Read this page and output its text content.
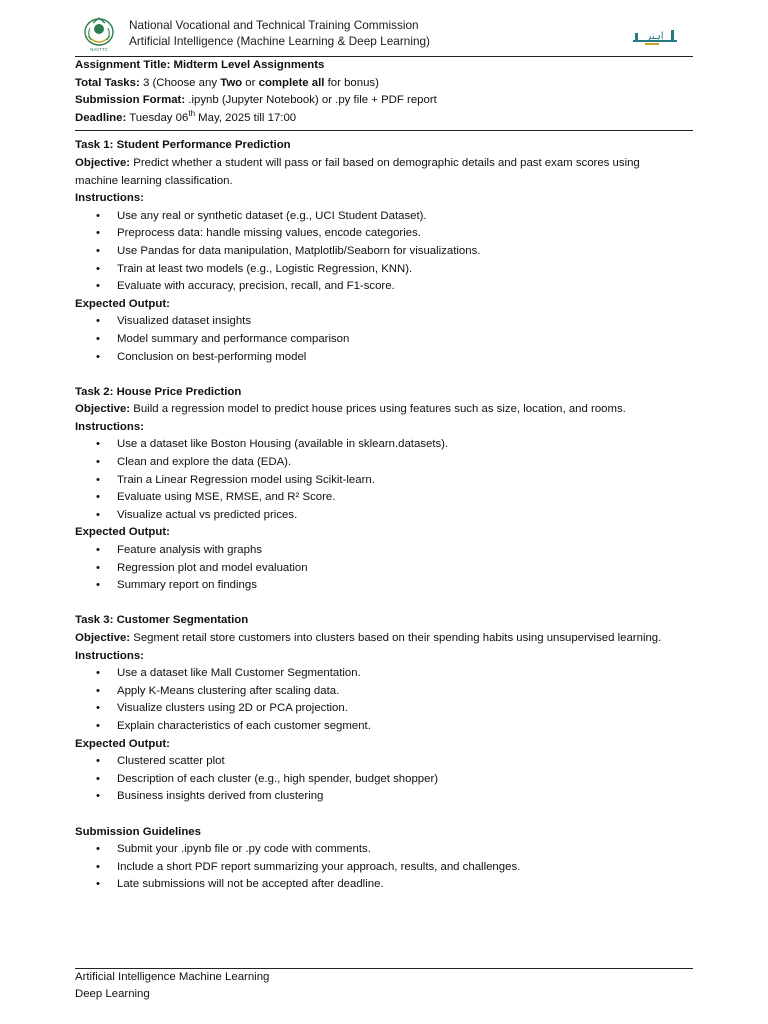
NAVTTC
National Vocational and Technical Training Commission
Artificial Intelligence (Machine Learning & Deep Learning)	اہنر
Assignment Title: Midterm Level Assignments
Total Tasks: 3 (Choose any Two or complete all for bonus)
Submission Format: .ipynb (Jupyter Notebook) or .py file + PDF report
Deadline: Tuesday 06th May, 2025 till 17:00
Task 1: Student Performance Prediction
Objective: Predict whether a student will pass or fail based on demographic details and past exam scores using
machine learning classification.
Instructions:
• Use any real or synthetic dataset (e.g., UCI Student Dataset).
• Preprocess data: handle missing values, encode categories.
• Use Pandas for data manipulation, Matplotlib/Seaborn for visualizations.
• Train at least two models (e.g., Logistic Regression, KNN).
• Evaluate with accuracy, precision, recall, and F1-score.
Expected Output:
• Visualized dataset insights
• Model summary and performance comparison
• Conclusion on best-performing model
Task 2: House Price Prediction
Objective: Build a regression model to predict house prices using features such as size, location, and rooms.
Instructions:
• Use a dataset like Boston Housing (available in sklearn.datasets).
• Clean and explore the data (EDA).
• Train a Linear Regression model using Scikit-learn.
• Evaluate using MSE, RMSE, and R² Score.
• Visualize actual vs predicted prices.
Expected Output:
• Feature analysis with graphs
• Regression plot and model evaluation
• Summary report on findings
Task 3: Customer Segmentation
Objective: Segment retail store customers into clusters based on their spending habits using unsupervised learning.
Instructions:
• Use a dataset like Mall Customer Segmentation.
• Apply K-Means clustering after scaling data.
• Visualize clusters using 2D or PCA projection.
• Explain characteristics of each customer segment.
Expected Output:
• Clustered scatter plot
• Description of each cluster (e.g., high spender, budget shopper)
• Business insights derived from clustering
Submission Guidelines
• Submit your .ipynb file or .py code with comments.
• Include a short PDF report summarizing your approach, results, and challenges.
• Late submissions will not be accepted after deadline.
Artificial Intelligence Machine Learning
Deep Learning
